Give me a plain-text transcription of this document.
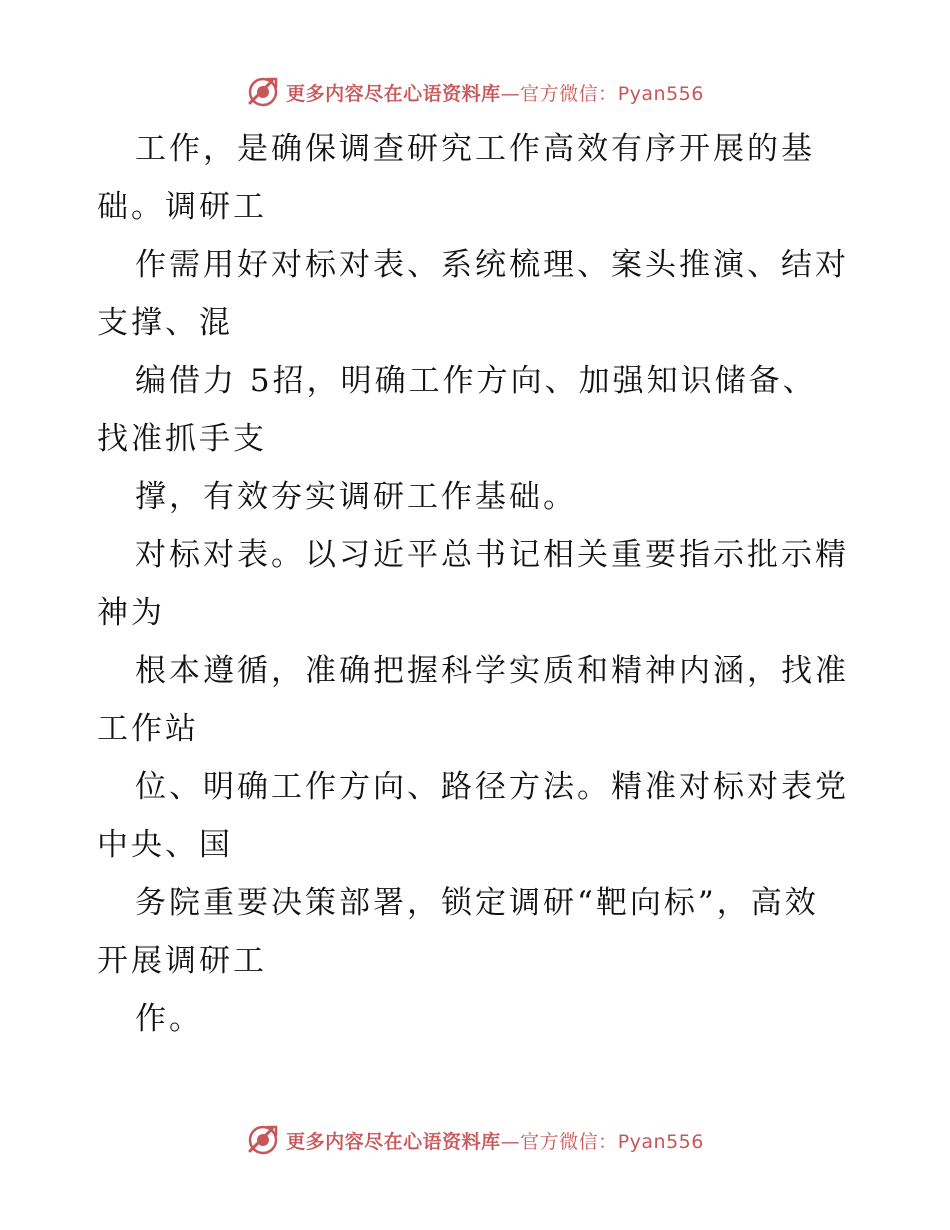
更多内容尽在心语资料库—官方微信：Pyan556
工作，是确保调查研究工作高效有序开展的基
础。调研工
作需用好对标对表、系统梳理、案头推演、结对
支撑、混
编借力 5招，明确工作方向、加强知识储备、
找准抓手支
撑，有效夯实调研工作基础。
对标对表。以习近平总书记相关重要指示批示精
神为
根本遵循，准确把握科学实质和精神内涵，找准
工作站
位、明确工作方向、路径方法。精准对标对表党
中央、国
务院重要决策部署，锁定调研“靶向标”，高效
开展调研工
作。
更多内容尽在心语资料库—官方微信：Pyan556
